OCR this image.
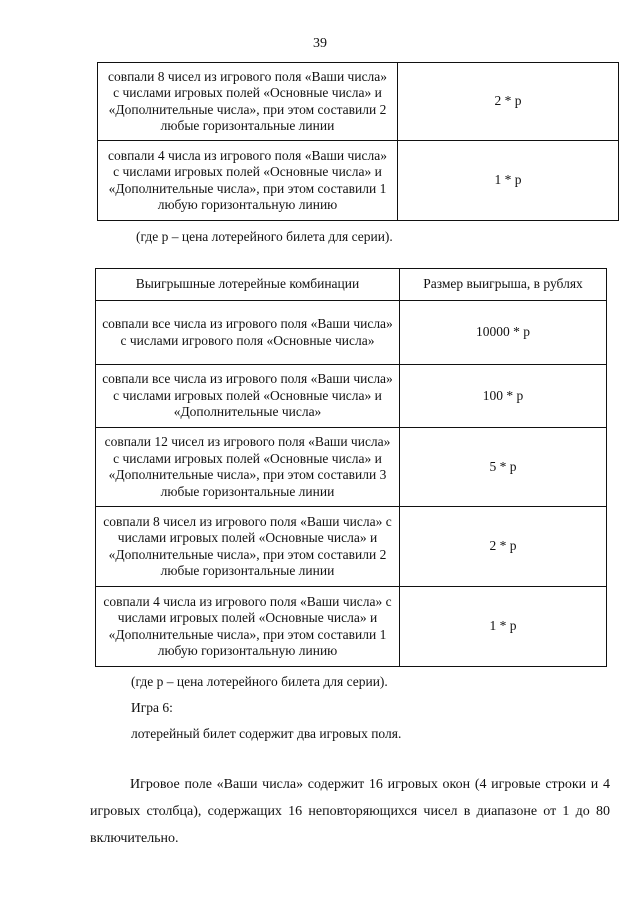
39
совпали 8 чисел из игрового поля «Ваши числа» с числами игровых полей «Основные числа» и «Дополнительные числа», при этом составили 2 любые горизонтальные линии	2 * р
совпали 4 числа из игрового поля «Ваши числа» с числами игровых полей «Основные числа» и «Дополнительные числа», при этом составили 1 любую горизонтальную линию	1 * р
(где р – цена лотерейного билета для серии).
Выигрышные лотерейные комбинации	Размер выигрыша, в рублях
совпали все числа из игрового поля «Ваши числа» с числами игрового поля «Основные числа»	10000 * р
совпали все числа из игрового поля «Ваши числа» с числами игровых полей «Основные числа» и «Дополнительные числа»	100 * р
совпали 12 чисел из игрового поля «Ваши числа» с числами игровых полей «Основные числа» и «Дополнительные числа», при этом составили 3 любые горизонтальные линии	5 * р
совпали 8 чисел из игрового поля «Ваши числа» с числами игровых полей «Основные числа» и «Дополнительные числа», при этом составили 2 любые горизонтальные линии	2 * р
совпали 4 числа из игрового поля «Ваши числа» с числами игровых полей «Основные числа» и «Дополнительные числа», при этом составили 1 любую горизонтальную линию	1 * р
(где р – цена лотерейного билета для серии).
Игра 6:
лотерейный билет содержит два игровых поля.

Игровое поле «Ваши числа» содержит 16 игровых окон (4 игровые строки и 4 игровых столбца), содержащих 16 неповторяющихся чисел в диапазоне от 1 до 80 включительно.
